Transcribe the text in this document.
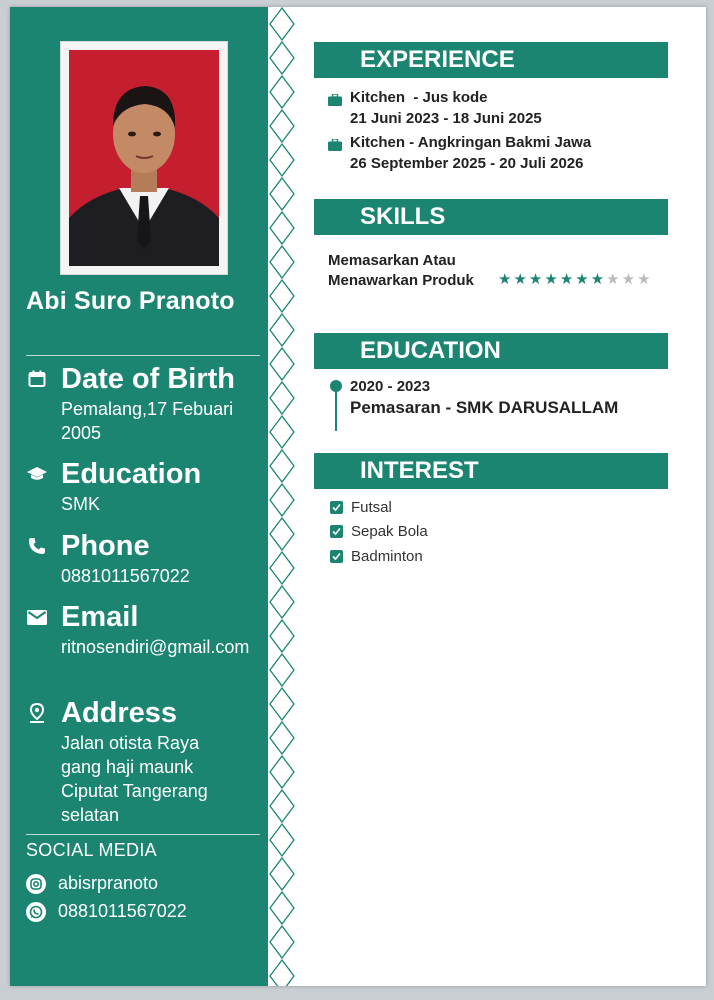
Abi Suro Pranoto
Date of Birth
Pemalang,17 Febuari 2005
Education
SMK
Phone
0881011567022
Email
ritnosendiri@gmail.com
Address
Jalan otista Raya gang haji maunk Ciputat Tangerang selatan
SOCIAL MEDIA
abisrpranoto
0881011567022
EXPERIENCE
Kitchen  - Jus kode
21 Juni 2023 - 18 Juni 2025
Kitchen - Angkringan Bakmi Jawa
26 September 2025 - 20 Juli 2026
SKILLS
Memasarkan Atau Menawarkan Produk	★ ★ ★ ★ ★ ★ ★ ★ ★ ★
EDUCATION
2020 - 2023
Pemasaran - SMK DARUSALLAM
INTEREST
Futsal
Sepak Bola
Badminton
